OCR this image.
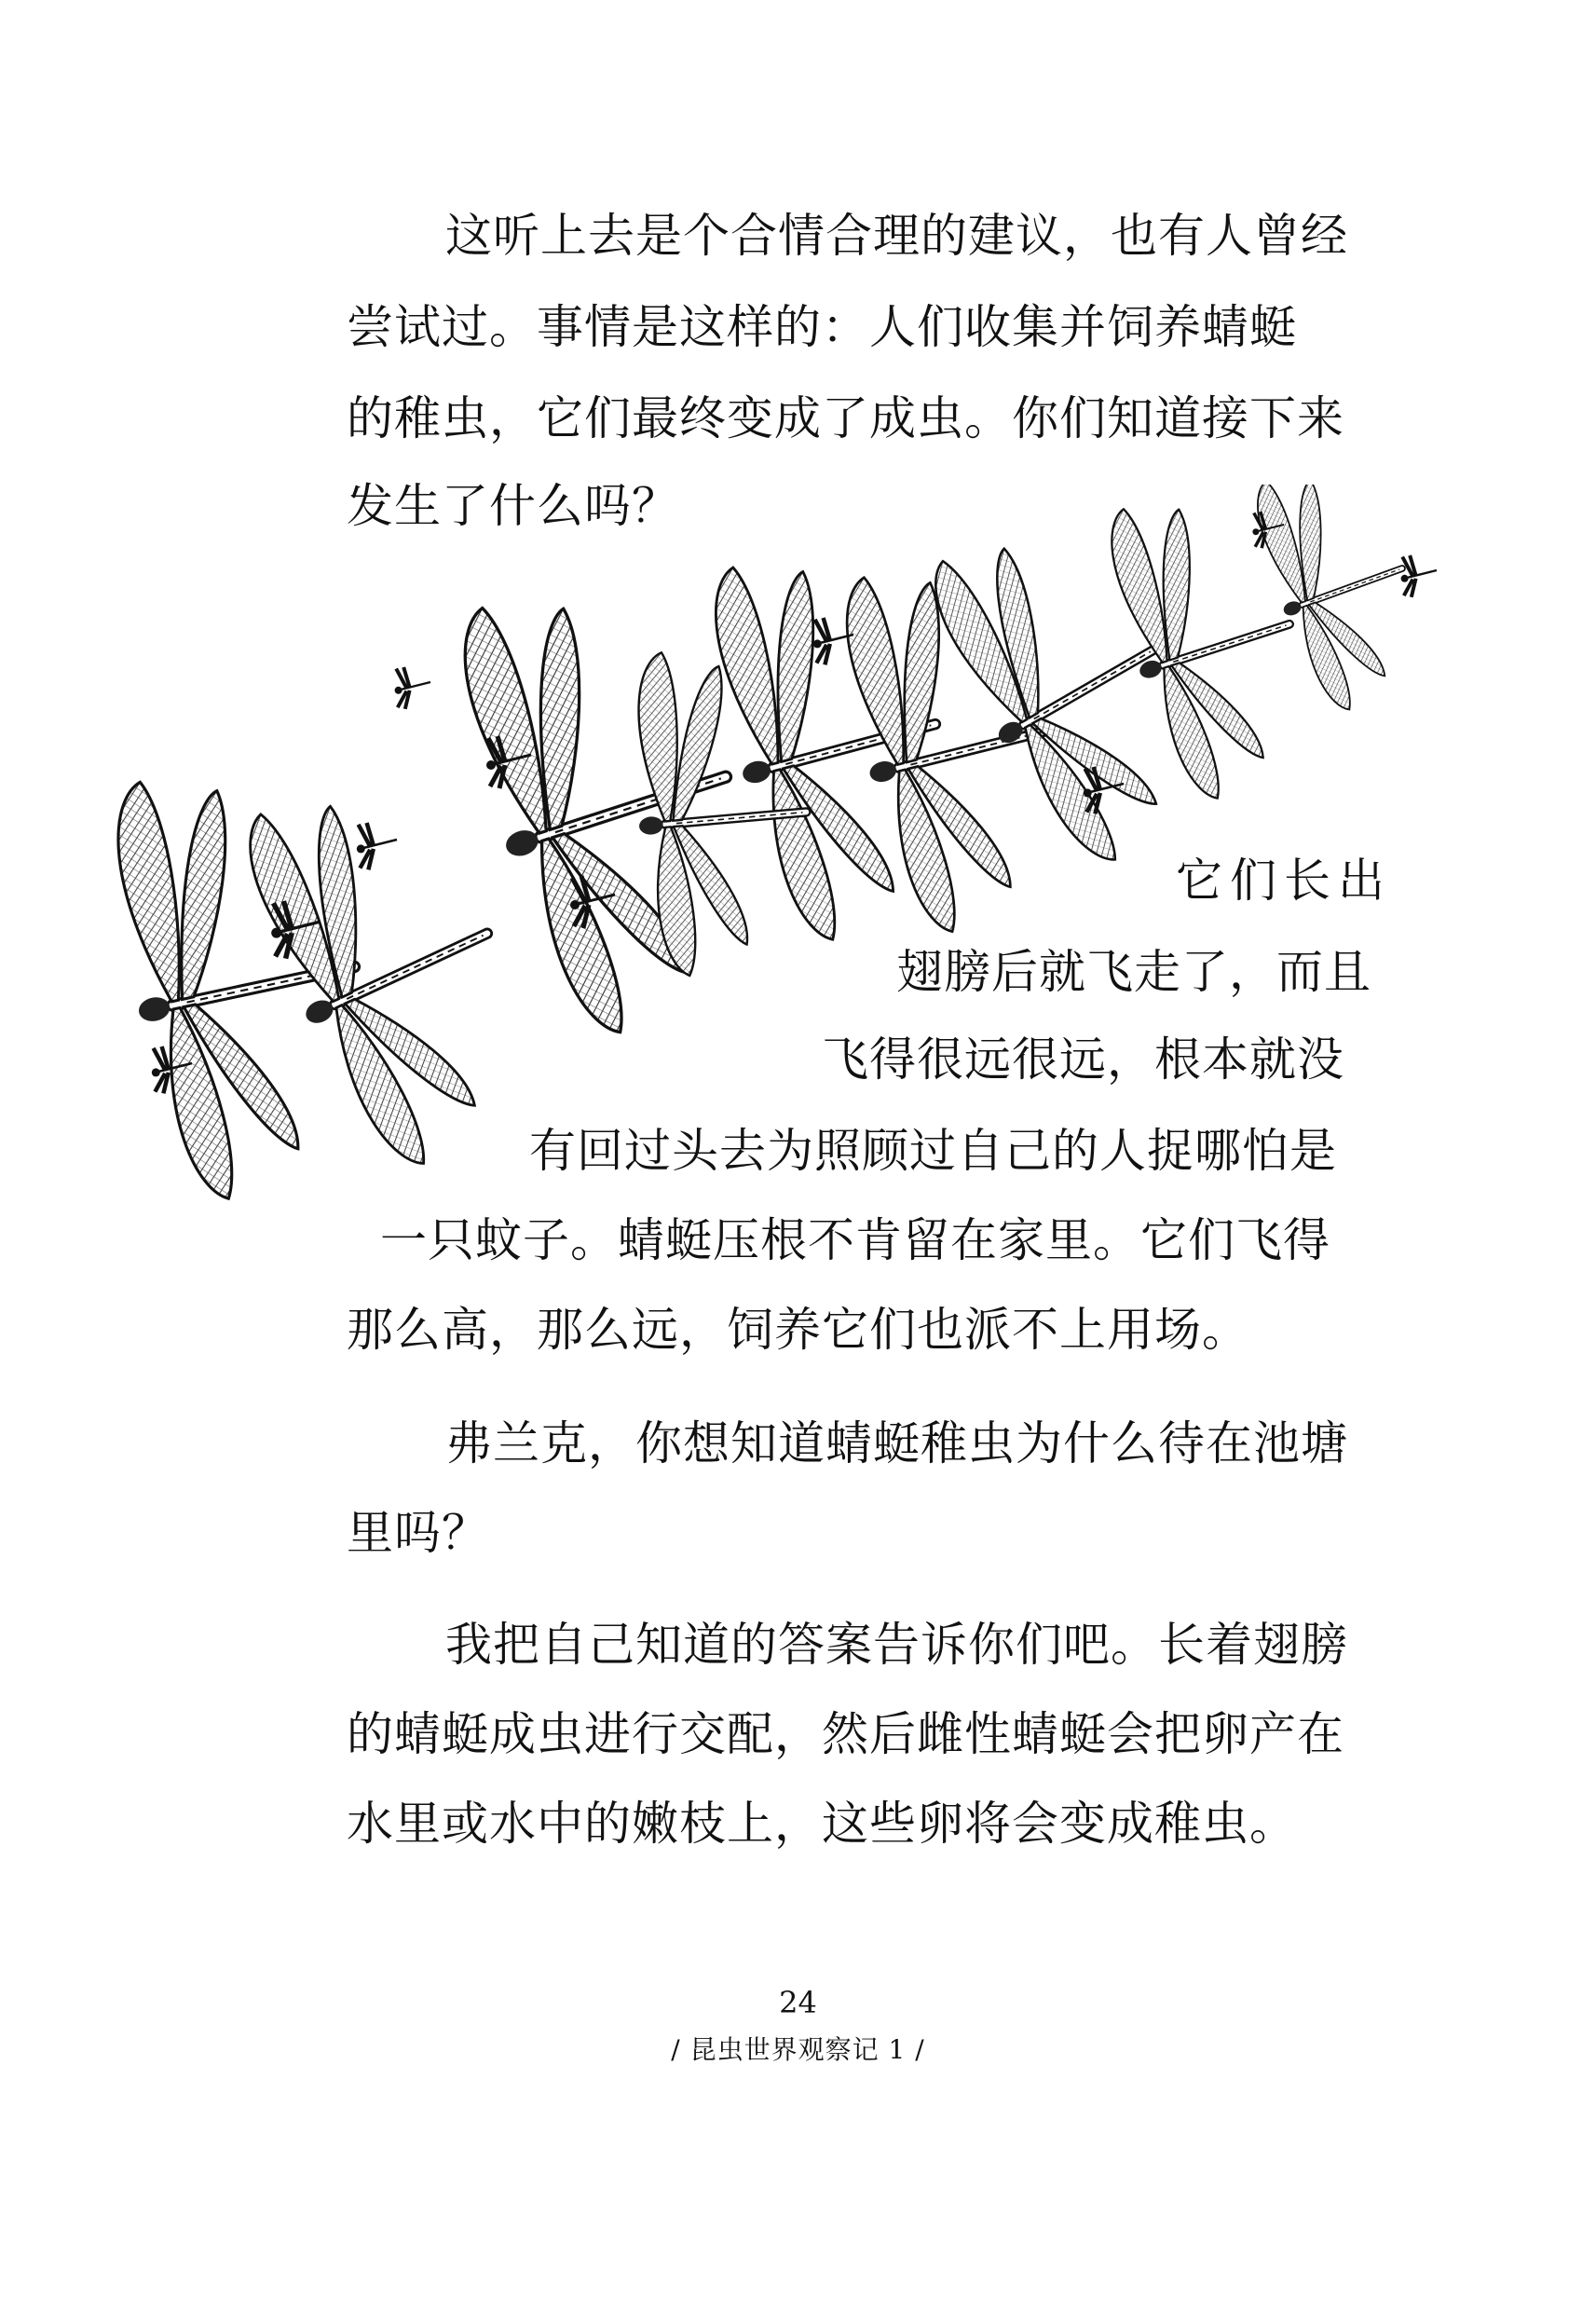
这听上去是个合情合理的建议，也有人曾经
尝试过。事情是这样的：人们收集并饲养蜻蜓
的稚虫，它们最终变成了成虫。你们知道接下来
发生了什么吗？
它们长出
翅膀后就飞走了，而且
飞得很远很远，根本就没
有回过头去为照顾过自己的人捉哪怕是
一只蚊子。蜻蜓压根不肯留在家里。它们飞得
那么高，那么远，饲养它们也派不上用场。
弗兰克，你想知道蜻蜓稚虫为什么待在池塘
里吗？
我把自己知道的答案告诉你们吧。长着翅膀
的蜻蜓成虫进行交配，然后雌性蜻蜓会把卵产在
水里或水中的嫩枝上，这些卵将会变成稚虫。
24
/ 昆虫世界观察记 1 /
